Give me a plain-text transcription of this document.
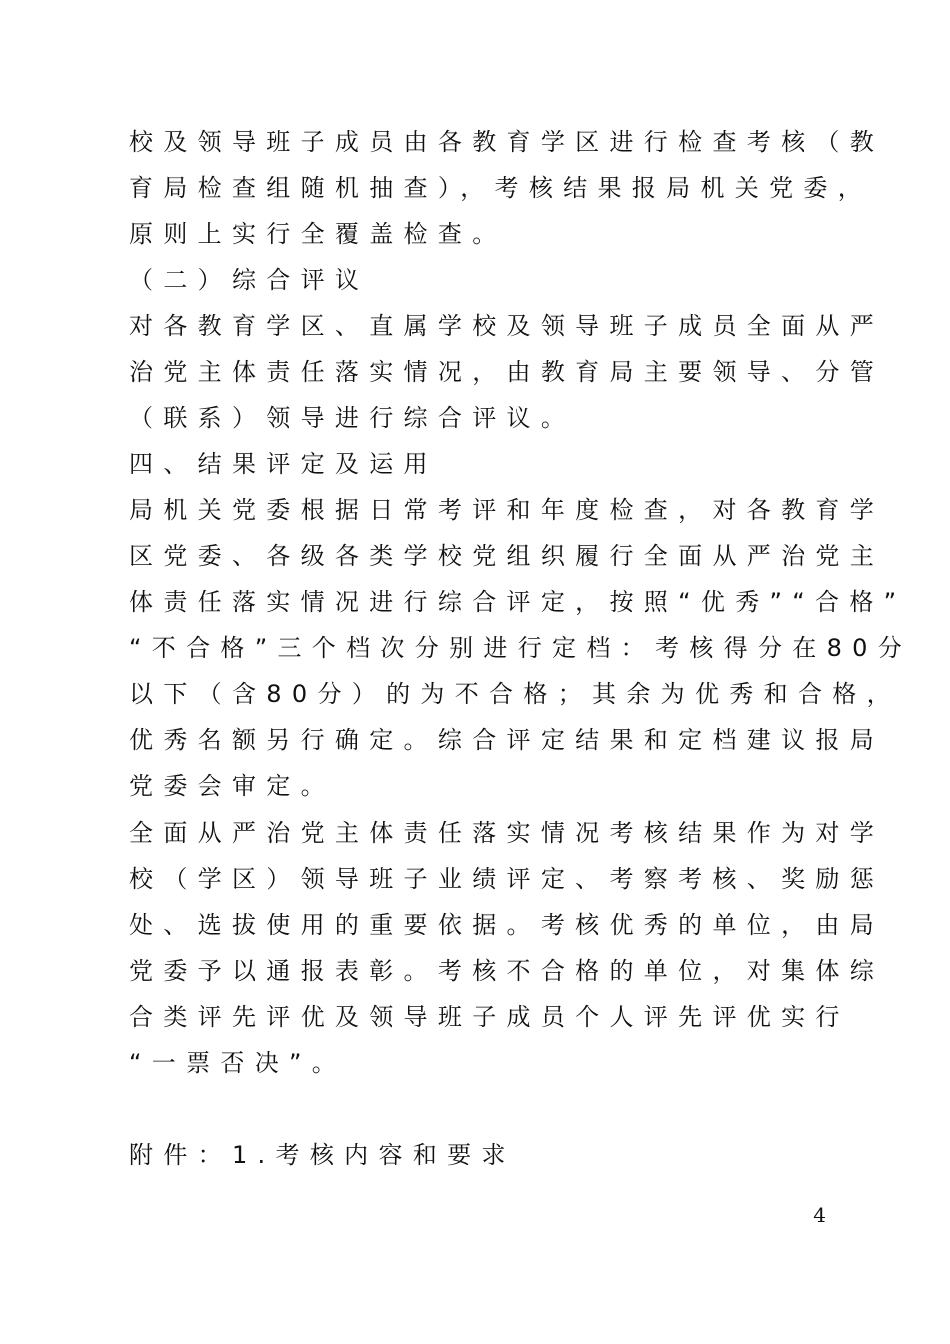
校及领导班子成员由各教育学区进行检查考核（教
育局检查组随机抽查），考核结果报局机关党委，
原则上实行全覆盖检查。
（二）综合评议
对各教育学区、直属学校及领导班子成员全面从严
治党主体责任落实情况，由教育局主要领导、分管
（联系）领导进行综合评议。
四、结果评定及运用
局机关党委根据日常考评和年度检查，对各教育学
区党委、各级各类学校党组织履行全面从严治党主
体责任落实情况进行综合评定，按照“优秀”“合格”
“不合格”三个档次分别进行定档：考核得分在80分
以下（含80分）的为不合格；其余为优秀和合格，
优秀名额另行确定。综合评定结果和定档建议报局
党委会审定。
全面从严治党主体责任落实情况考核结果作为对学
校（学区）领导班子业绩评定、考察考核、奖励惩
处、选拔使用的重要依据。考核优秀的单位，由局
党委予以通报表彰。考核不合格的单位，对集体综
合类评先评优及领导班子成员个人评先评优实行
“一票否决”。
附件：1.考核内容和要求
4
